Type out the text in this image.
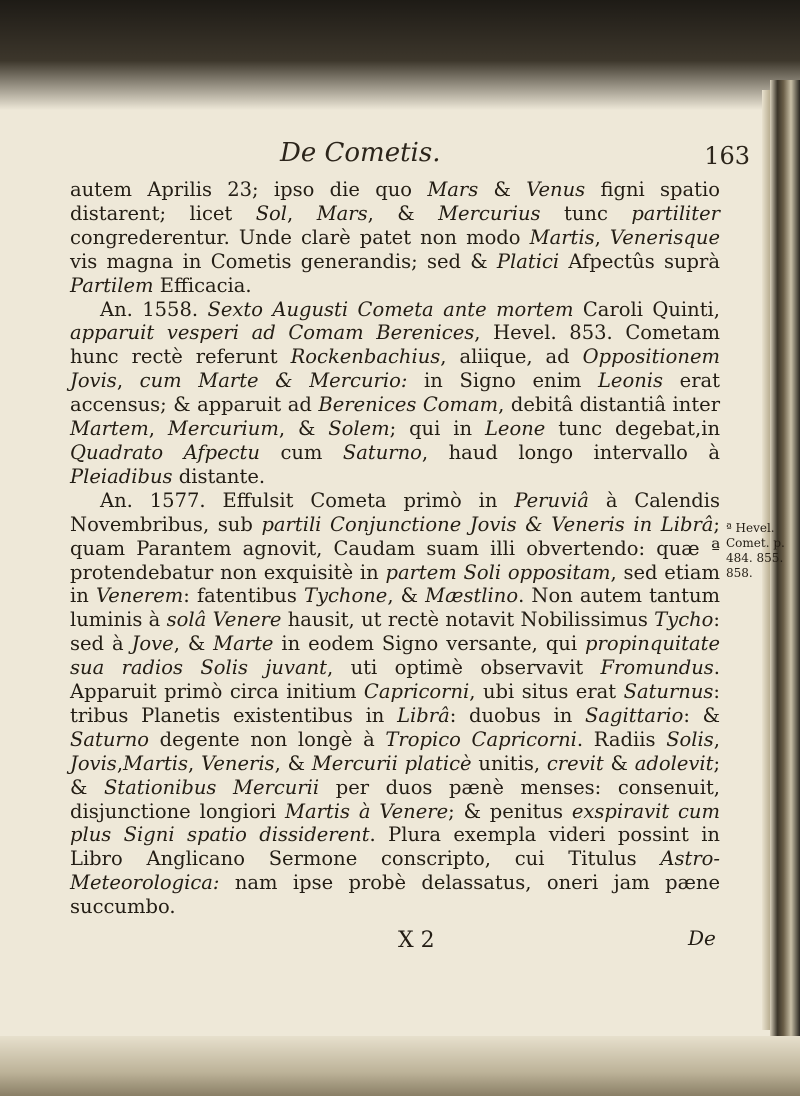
De Cometis.	163

autem Aprilis 23; ipso die quo Mars & Venus figni spatio distarent; licet Sol, Mars, & Mercurius tunc partiliter congrederentur. Unde clarè patet non modo Martis, Venerisque vis magna in Cometis generandis; sed & Platici Afpectûs suprà Partilem Efficacia.

An. 1558. Sexto Augusti Cometa ante mortem Caroli Quinti, apparuit vesperi ad Comam Berenices, Hevel. 853. Cometam hunc rectè referunt Rockenbachius, aliique, ad Oppositionem Jovis, cum Marte & Mercurio: in Signo enim Leonis erat accensus; & apparuit ad Berenices Comam, debitâ distantiâ inter Martem, Mercurium, & Solem; qui in Leone tunc degebat,in Quadrato Afpectu cum Saturno, haud longo intervallo à Pleiadibus distante.

An. 1577. Effulsit Cometa primò in Peruviâ à Calendis Novembribus, sub partili Conjunctione Jovis & Veneris in Librâ; quam Parantem agnovit, Caudam suam illi obvertendo: quæ ª protendebatur non exquisitè in partem Soli oppositam, sed etiam in Venerem: fatentibus Tychone, & Mæstlino. Non autem tantum luminis à solâ Venere hausit, ut rectè notavit Nobilissimus Tycho: sed à Jove, & Marte in eodem Signo versante, qui propinquitate sua radios Solis juvant, uti optimè observavit Fromundus. Apparuit primò circa initium Capricorni, ubi situs erat Saturnus: tribus Planetis existentibus in Librâ: duobus in Sagittario: & Saturno degente non longè à Tropico Capricorni. Radiis Solis, Jovis,Martis, Veneris, & Mercurii platicè unitis, crevit & adolevit; & Stationibus Mercurii per duos pænè menses: consenuit, disjunctione longiori Martis à Venere; & penitus exspiravit cum plus Signi spatio dissiderent. Plura exempla videri possint in Libro Anglicano Sermone conscripto, cui Titulus Astro-Meteorologica: nam ipse probè delassatus, oneri jam pæne succumbo.

ª Hevel.
Comet. p.
484. 855.
858.
X 2	De
